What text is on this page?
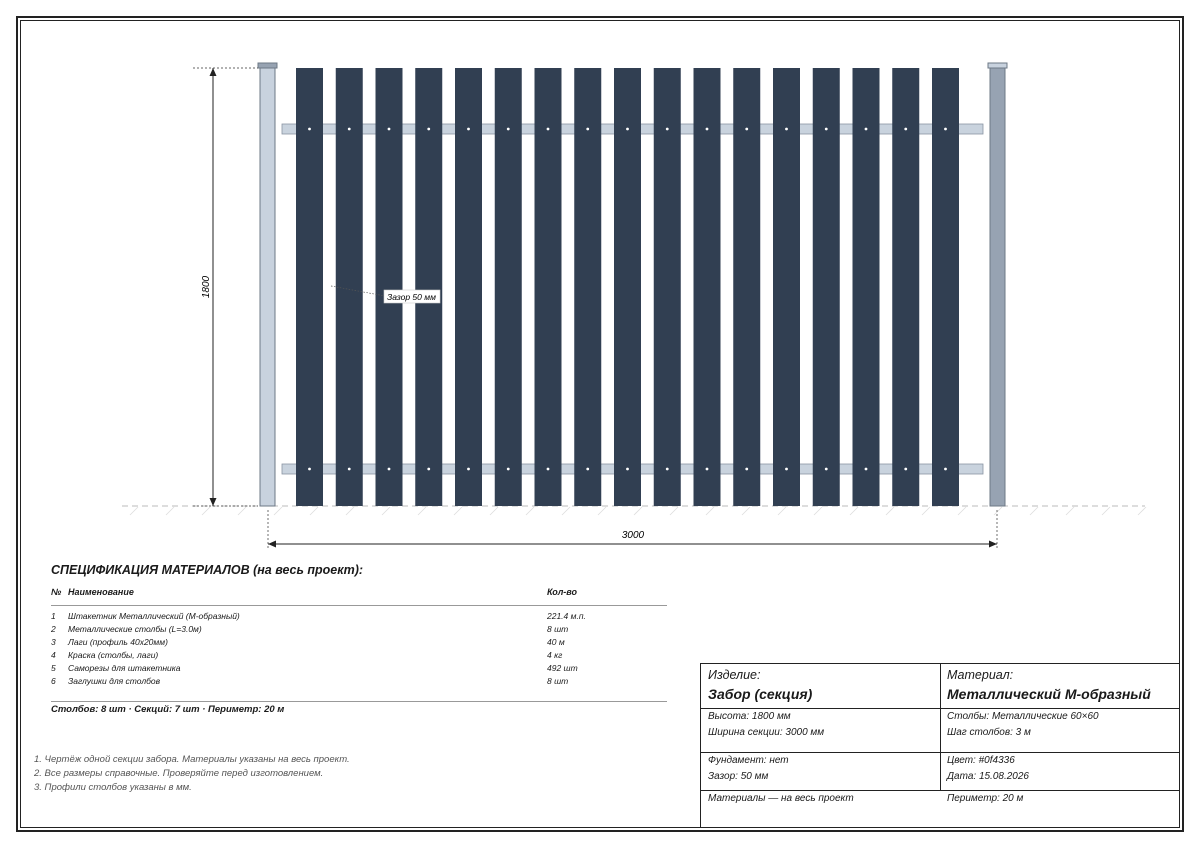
1800
3000
Зазор 50 мм
СПЕЦИФИКАЦИЯ МАТЕРИАЛОВ (на весь проект):
№ Наименование	Кол-во
1 Штакетник Металлический (М-образный)	221.4 м.п.
2 Металлические столбы (L=3.0м)	8 шт
3 Лаги (профиль 40x20мм)	40 м
4 Краска (столбы, лаги)	4 кг
5 Саморезы для штакетника	492 шт
6 Заглушки для столбов	8 шт
Столбов: 8 шт · Секций: 7 шт · Периметр: 20 м
1. Чертёж одной секции забора. Материалы указаны на весь проект.
2. Все размеры справочные. Проверяйте перед изготовлением.
3. Профили столбов указаны в мм.
Изделие:
Забор (секция)
Материал:
Металлический М-образный
Высота: 1800 мм
Ширина секции: 3000 мм
Столбы: Металлические 60×60
Шаг столбов: 3 м
Фундамент: нет
Зазор: 50 мм
Цвет: #0f4336
Дата: 15.08.2026
Материалы — на весь проект	Периметр: 20 м
